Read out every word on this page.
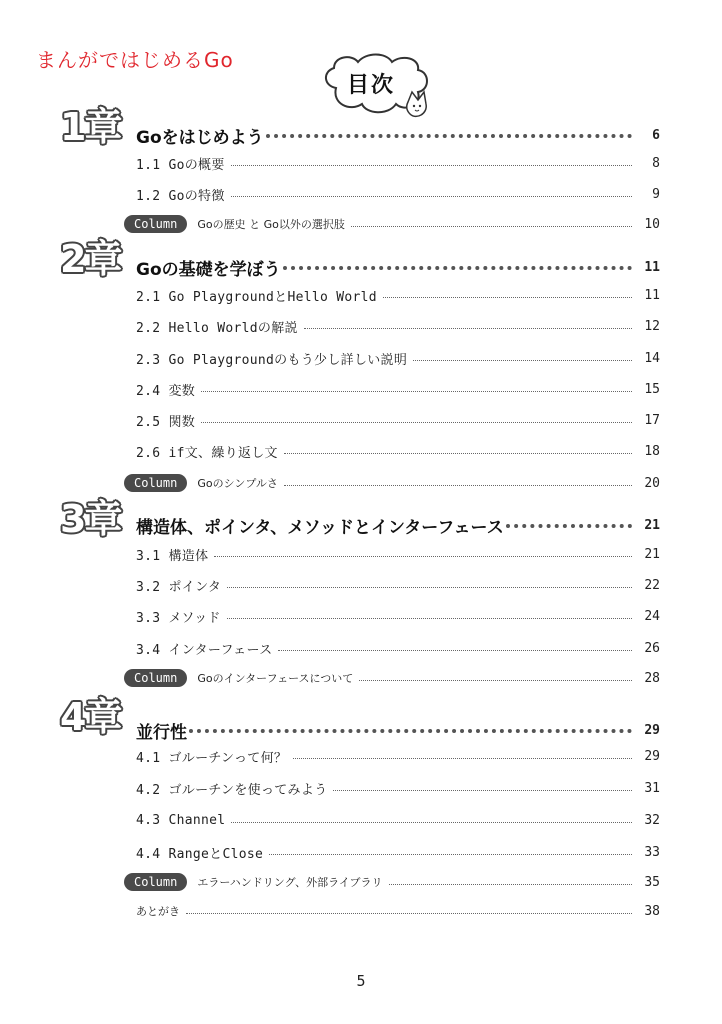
まんがではじめるGo
目次
1章 Goをはじめよう	6
1.1 Goの概要	8
1.2 Goの特徴	9
Column	Goの歴史 と Go以外の選択肢	10
2章 Goの基礎を学ぼう	11
2.1 Go PlaygroundとHello World	11
2.2 Hello Worldの解説	12
2.3 Go Playgroundのもう少し詳しい説明	14
2.4 変数	15
2.5 関数	17
2.6 if文、繰り返し文	18
Column	Goのシンプルさ	20
3章 構造体、ポインタ、メソッドとインターフェース	21
3.1 構造体	21
3.2 ポインタ	22
3.3 メソッド	24
3.4 インターフェース	26
Column	Goのインターフェースについて	28
4章 並行性	29
4.1 ゴルーチンって何？	29
4.2 ゴルーチンを使ってみよう	31
4.3 Channel	32
4.4 RangeとClose	33
Column	エラーハンドリング、外部ライブラリ	35
あとがき	38
5
